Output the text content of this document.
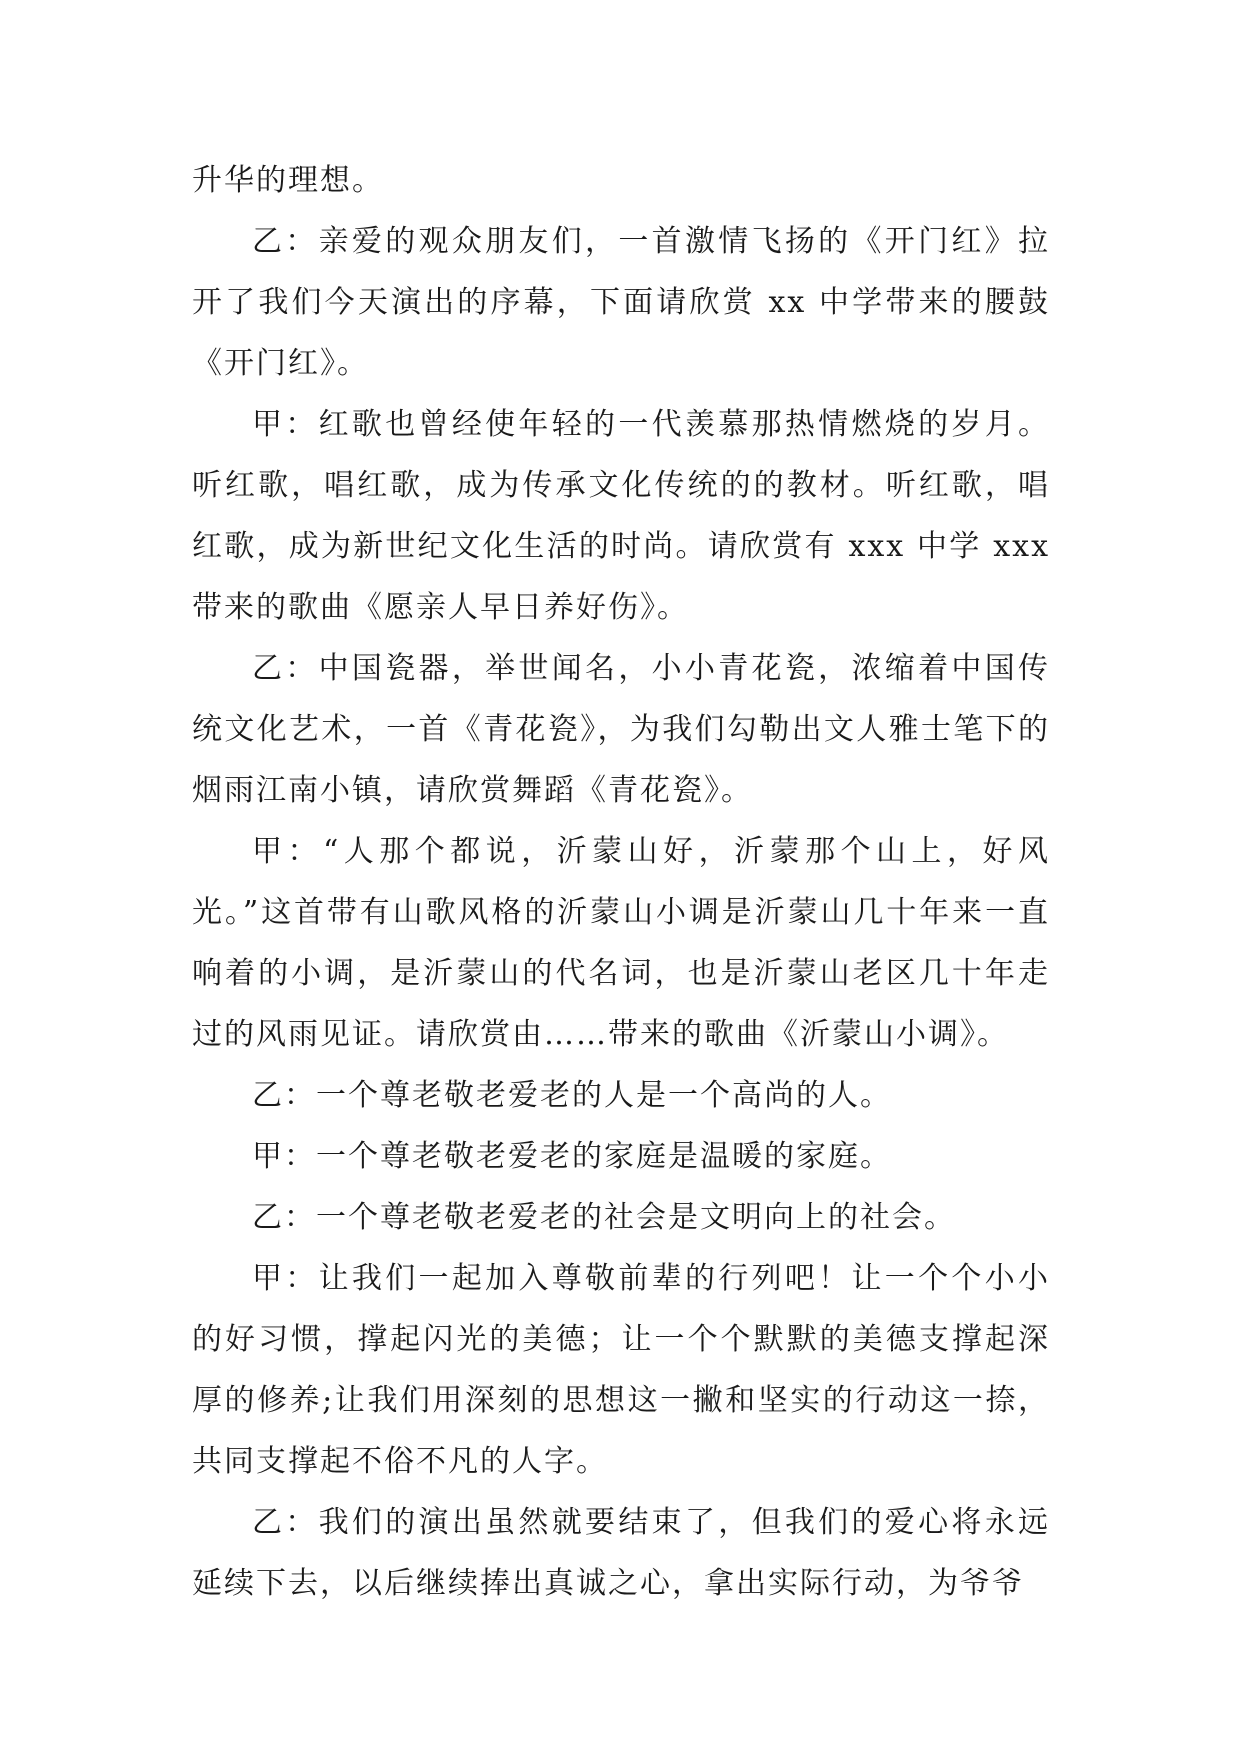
升华的理想。

乙：亲爱的观众朋友们，一首激情飞扬的《开门红》拉开了我们今天演出的序幕，下面请欣赏 xx 中学带来的腰鼓《开门红》。

甲：红歌也曾经使年轻的一代羡慕那热情燃烧的岁月。听红歌，唱红歌，成为传承文化传统的的教材。听红歌，唱红歌，成为新世纪文化生活的时尚。请欣赏有 xxx 中学 xxx 带来的歌曲《愿亲人早日养好伤》。

乙：中国瓷器，举世闻名，小小青花瓷，浓缩着中国传统文化艺术，一首《青花瓷》，为我们勾勒出文人雅士笔下的烟雨江南小镇，请欣赏舞蹈《青花瓷》。

甲：“人那个都说，沂蒙山好，沂蒙那个山上，好风光。”这首带有山歌风格的沂蒙山小调是沂蒙山几十年来一直响着的小调，是沂蒙山的代名词，也是沂蒙山老区几十年走过的风雨见证。请欣赏由……带来的歌曲《沂蒙山小调》。

乙：一个尊老敬老爱老的人是一个高尚的人。

甲：一个尊老敬老爱老的家庭是温暖的家庭。

乙：一个尊老敬老爱老的社会是文明向上的社会。

甲：让我们一起加入尊敬前辈的行列吧！让一个个小小的好习惯，撑起闪光的美德；让一个个默默的美德支撑起深厚的修养;让我们用深刻的思想这一撇和坚实的行动这一捺，共同支撑起不俗不凡的人字。

乙：我们的演出虽然就要结束了，但我们的爱心将永远延续下去，以后继续捧出真诚之心，拿出实际行动，为爷爷
